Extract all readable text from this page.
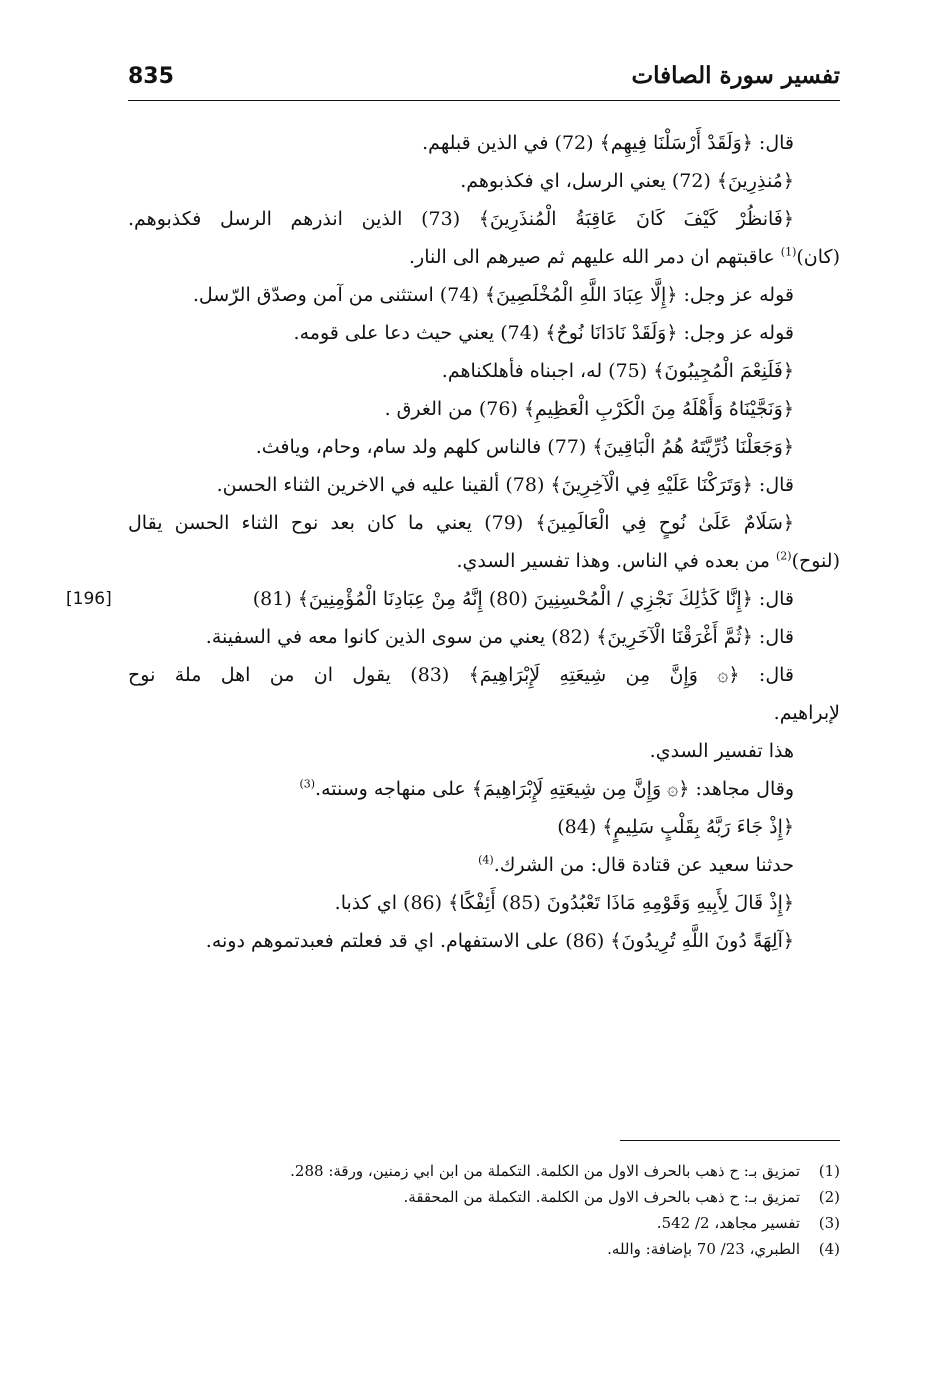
تفسير سورة الصافات
835
قال: ﴿وَلَقَدْ أَرْسَلْنَا فِيهِم﴾ (72) في الذين قبلهم.
﴿مُنذِرِينَ﴾ (72) يعني الرسل، اي فكذبوهم.
﴿فَانظُرْ كَيْفَ كَانَ عَاقِبَةُ الْمُنذَرِينَ﴾ (73) الذين انذرهم الرسل فكذبوهم.
(كان)$^{(1)}$ عاقبتهم ان دمر الله عليهم ثم صيرهم الى النار.
قوله عز وجل: ﴿إِلَّا عِبَادَ اللَّهِ الْمُخْلَصِينَ﴾ (74) استثنى من آمن وصدّق الرّسل.
قوله عز وجل: ﴿وَلَقَدْ نَادَانَا نُوحٌ﴾ (74) يعني حيث دعا على قومه.
﴿فَلَنِعْمَ الْمُجِيبُونَ﴾ (75) له، اجبناه فأهلكناهم.
﴿وَنَجَّيْنَاهُ وَأَهْلَهُ مِنَ الْكَرْبِ الْعَظِيمِ﴾ (76) من الغرق .
﴿وَجَعَلْنَا ذُرِّيَّتَهُ هُمُ الْبَاقِينَ﴾ (77) فالناس كلهم ولد سام، وحام، ويافث.
قال: ﴿وَتَرَكْنَا عَلَيْهِ فِي الْآخِرِينَ﴾ (78) ألقينا عليه في الاخرين الثناء الحسن.
﴿سَلَامٌ عَلَىٰ نُوحٍ فِي الْعَالَمِينَ﴾ (79) يعني ما كان بعد نوح الثناء الحسن يقال
(لنوح)$^{(2)}$ من بعده في الناس. وهذا تفسير السدي.
قال: ﴿إِنَّا كَذَٰلِكَ نَجْزِي / الْمُحْسِنِينَ (80) إِنَّهُ مِنْ عِبَادِنَا الْمُؤْمِنِينَ﴾ (81)
[196]
قال: ﴿ثُمَّ أَغْرَقْنَا الْآخَرِينَ﴾ (82) يعني من سوى الذين كانوا معه في السفينة.
قال: ﴿۞ وَإِنَّ مِن شِيعَتِهِ لَإِبْرَاهِيمَ﴾ (83) يقول ان من اهل ملة نوح
لإبراهيم.
هذا تفسير السدي.
وقال مجاهد: ﴿۞ وَإِنَّ مِن شِيعَتِهِ لَإِبْرَاهِيمَ﴾ على منهاجه وسنته.$^{(3)}$
﴿إِذْ جَاءَ رَبَّهُ بِقَلْبٍ سَلِيمٍ﴾ (84)
حدثنا سعيد عن قتادة قال: من الشرك.$^{(4)}$
﴿إِذْ قَالَ لِأَبِيهِ وَقَوْمِهِ مَاذَا تَعْبُدُونَ (85) أَئِفْكًا﴾ (86) اي كذبا.
﴿آلِهَةً دُونَ اللَّهِ تُرِيدُونَ﴾ (86) على الاستفهام. اي قد فعلتم فعبدتموهم دونه.
(1)تمزيق بـ: ح ذهب بالحرف الاول من الكلمة. التكملة من ابن ابي زمنين، ورقة: 288.
(2)تمزيق بـ: ح ذهب بالحرف الاول من الكلمة. التكملة من المحققة.
(3)تفسير مجاهد، 2/ 542.
(4)الطبري، 23/ 70 بإضافة: والله.
